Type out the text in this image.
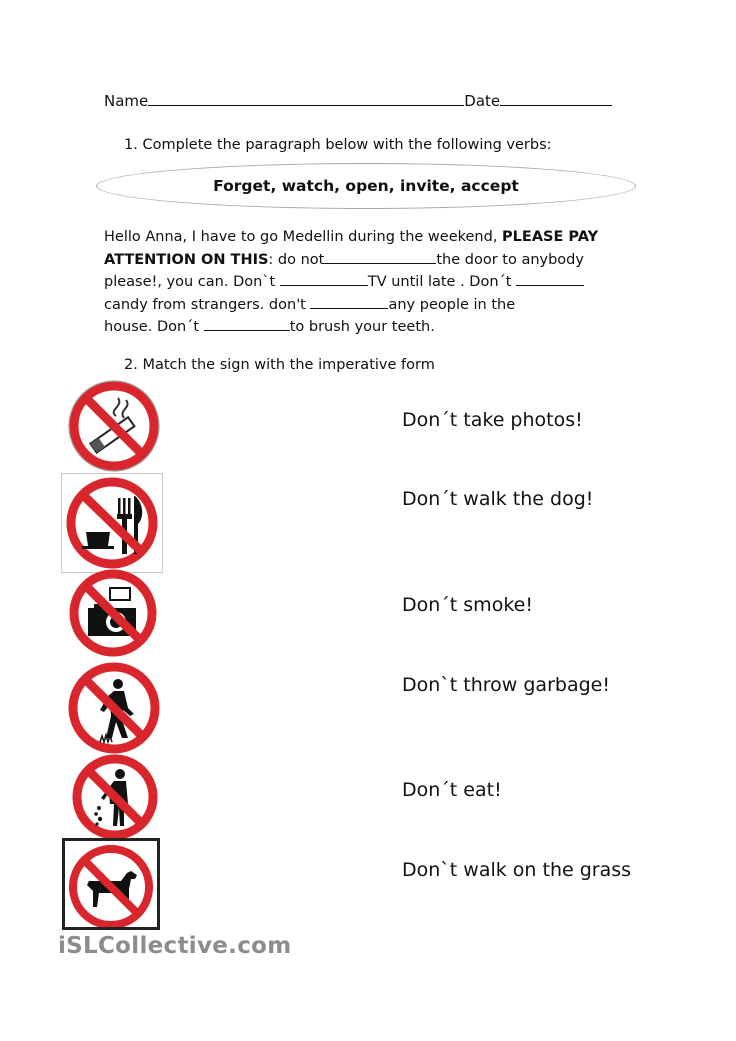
Name	Date
1. Complete the paragraph below with the following verbs:
Forget, watch, open, invite, accept
Hello Anna, I have to go Medellin during the weekend, PLEASE PAY
ATTENTION ON THIS: do not	the door to anybody
please!, you can. Don`t	TV until late . Don´t
candy from strangers. don't	any people in the
house. Don´t	to brush your teeth.
2. Match the sign with the imperative form
Don´t take photos!
Don´t walk the dog!
Don´t smoke!
Don`t throw garbage!
Don´t eat!
Don`t walk on the grass
iSLCollective.com
